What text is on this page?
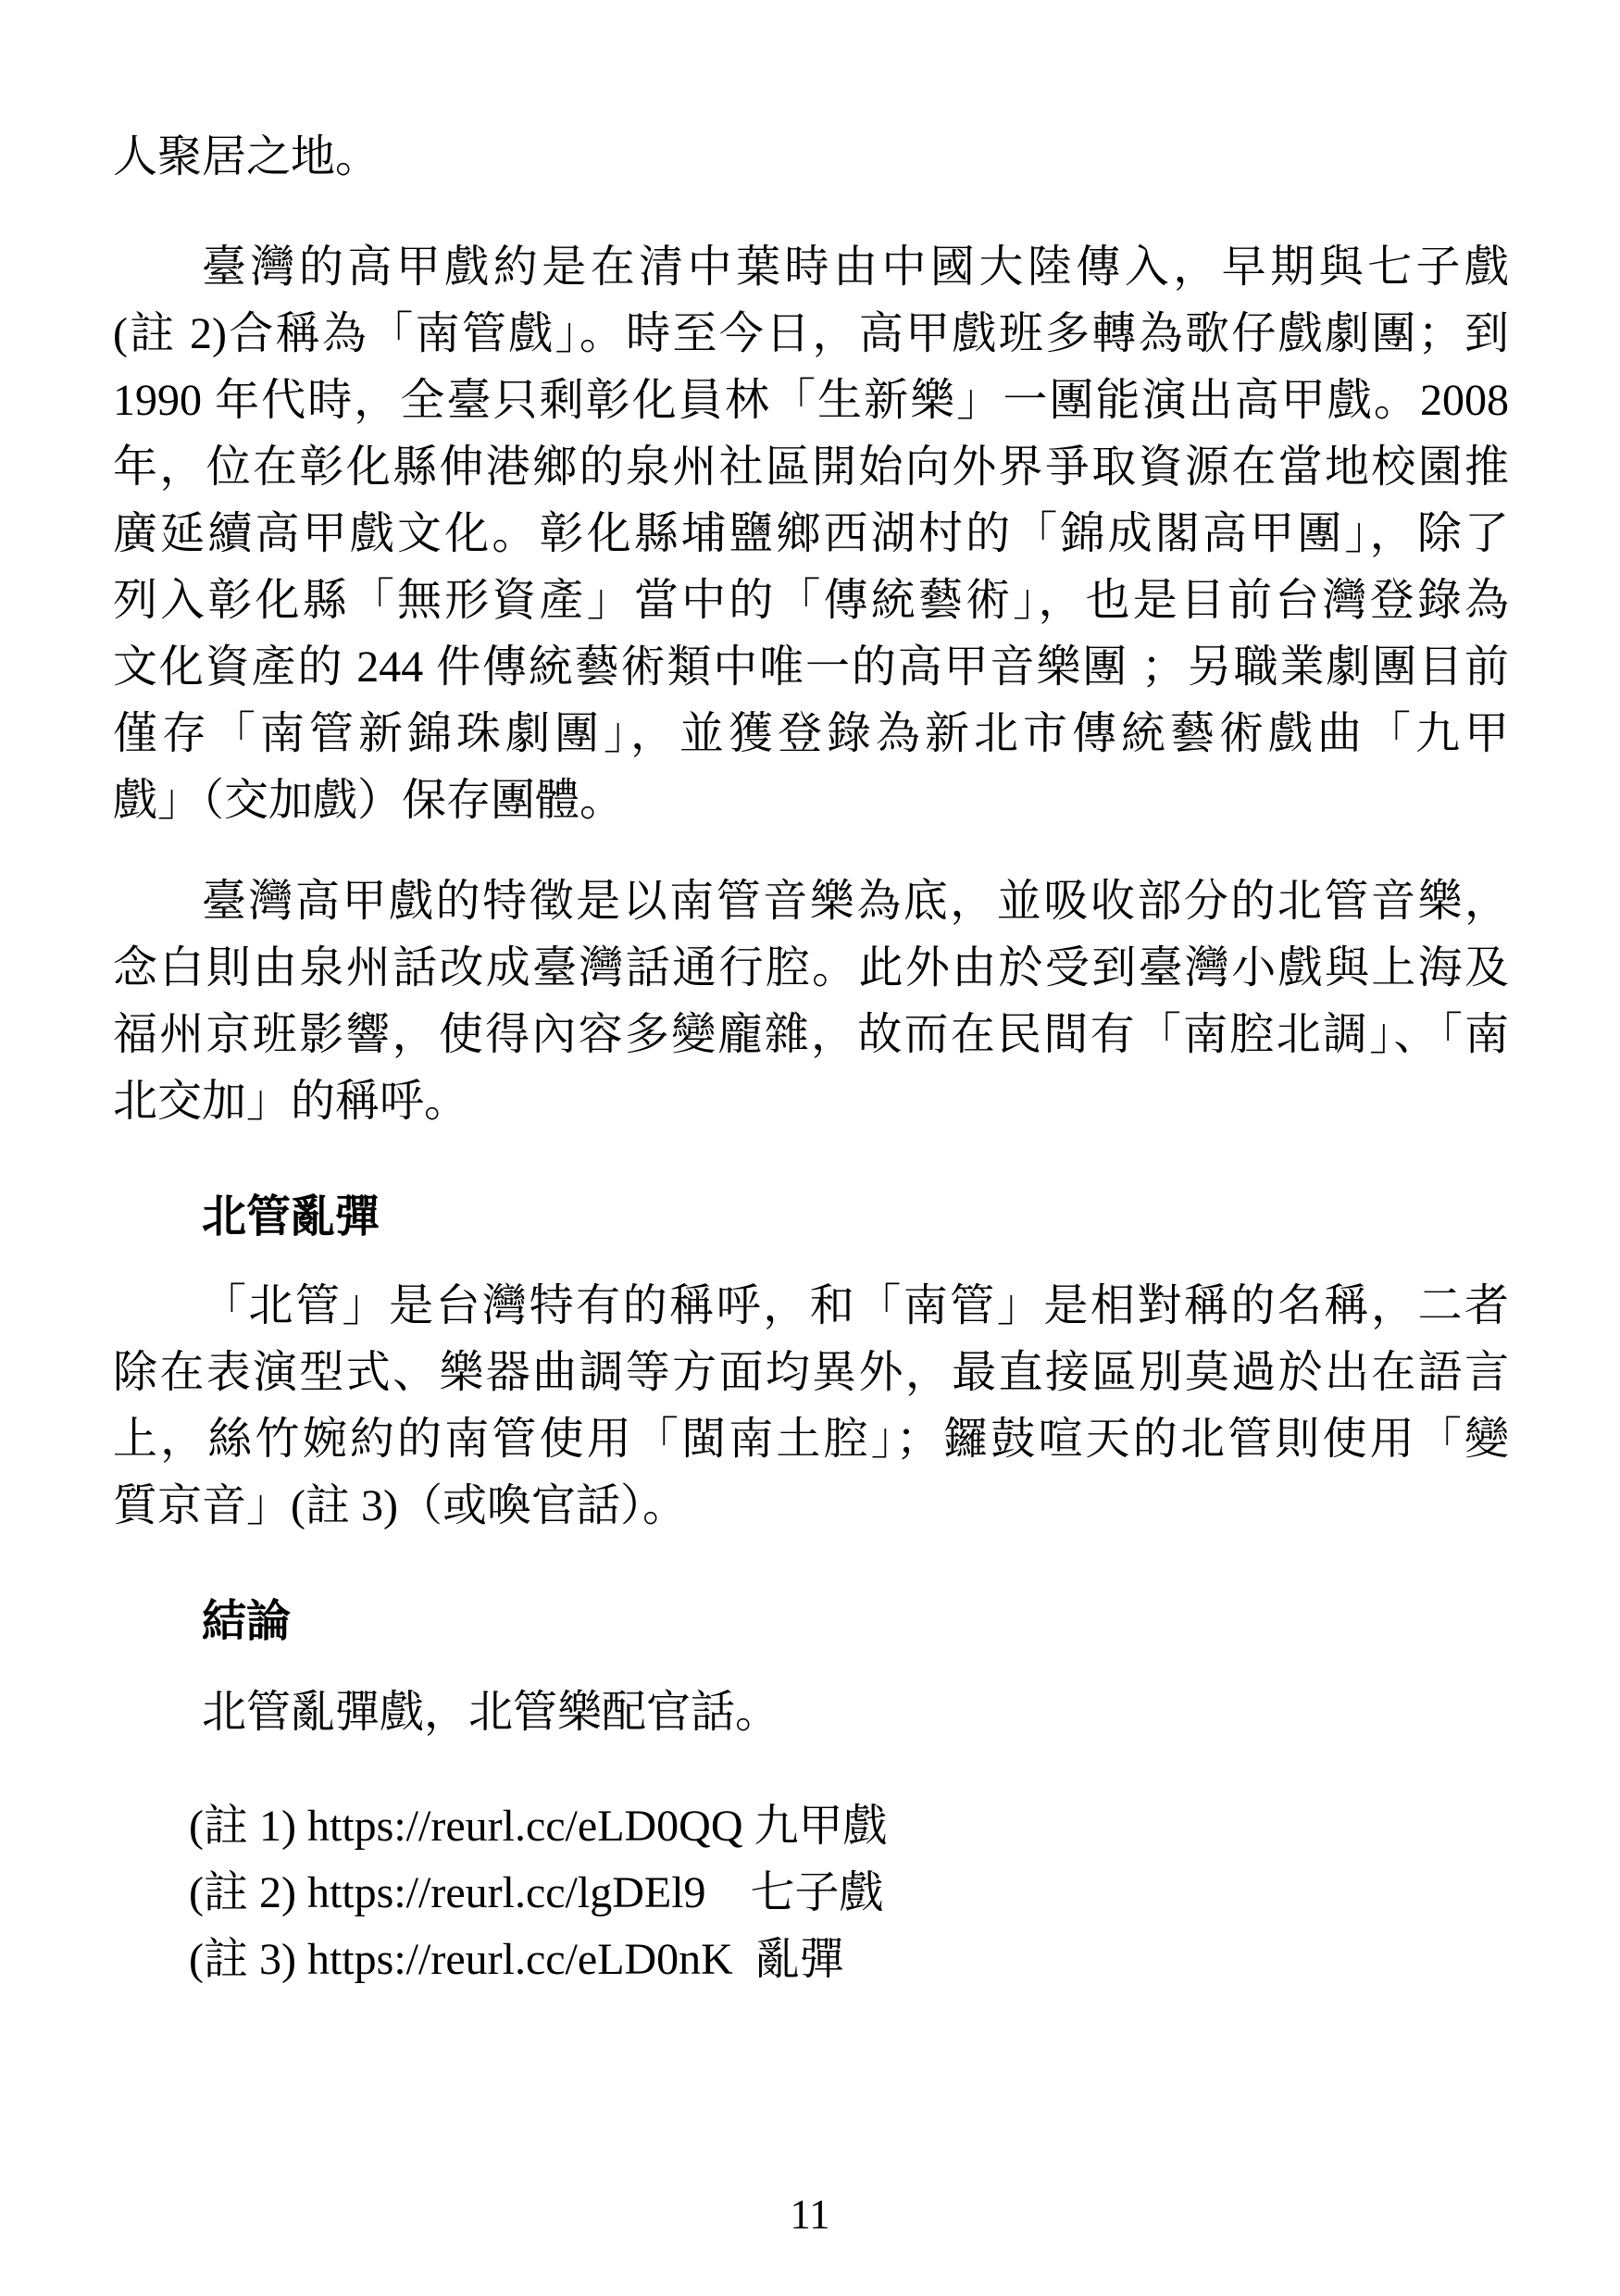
人聚居之地。
臺灣的高甲戲約是在清中葉時由中國大陸傳入，早期與七子戲
(註 2)合稱為「南管戲」。時至今日，高甲戲班多轉為歌仔戲劇團；到
1990 年代時，全臺只剩彰化員林「生新樂」一團能演出高甲戲。2008
年，位在彰化縣伸港鄉的泉州社區開始向外界爭取資源在當地校園推
廣延續高甲戲文化。彰化縣埔鹽鄉西湖村的「錦成閣高甲團」，除了
列入彰化縣「無形資產」當中的「傳統藝術」，也是目前台灣登錄為
文化資產的 244 件傳統藝術類中唯一的高甲音樂團 ；另職業劇團目前
僅存「南管新錦珠劇團」，並獲登錄為新北市傳統藝術戲曲「九甲
戲」（交加戲）保存團體。
臺灣高甲戲的特徵是以南管音樂為底，並吸收部分的北管音樂，
念白則由泉州話改成臺灣話通行腔。此外由於受到臺灣小戲與上海及
福州京班影響，使得內容多變龐雜，故而在民間有「南腔北調」、「南
北交加」的稱呼。
北管亂彈
「北管」是台灣特有的稱呼，和「南管」是相對稱的名稱，二者
除在表演型式、樂器曲調等方面均異外，最直接區別莫過於出在語言
上，絲竹婉約的南管使用「閩南土腔」；鑼鼓喧天的北管則使用「變
質京音」(註 3)（或喚官話）。
結論
北管亂彈戲，北管樂配官話。
(註 1) https://reurl.cc/eLD0QQ 九甲戲
(註 2) https://reurl.cc/lgDEl9　七子戲
(註 3) https://reurl.cc/eLD0nK  亂彈
11
